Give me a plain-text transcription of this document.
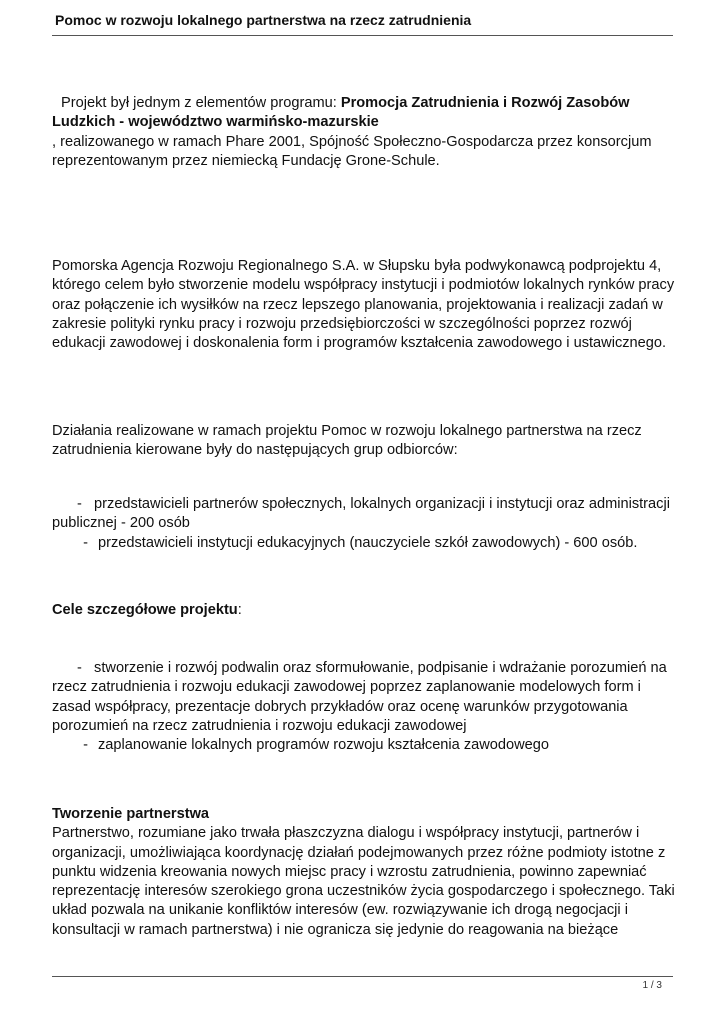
Pomoc w rozwoju lokalnego partnerstwa na rzecz zatrudnienia

Projekt był jednym z elementów programu: Promocja Zatrudnienia i Rozwój Zasobów Ludzkich - województwo warmińsko-mazurskie

, realizowanego w ramach Phare 2001, Spójność Społeczno-Gospodarcza przez konsorcjum reprezentowanym przez niemiecką Fundację Grone-Schule.

Pomorska Agencja Rozwoju Regionalnego S.A. w Słupsku była podwykonawcą podprojektu 4, którego celem było stworzenie modelu współpracy instytucji i podmiotów lokalnych rynków pracy oraz połączenie ich wysiłków na rzecz lepszego planowania, projektowania i realizacji zadań w zakresie polityki rynku pracy i rozwoju przedsiębiorczości w szczególności poprzez rozwój edukacji zawodowej i doskonalenia form i programów kształcenia zawodowego i ustawicznego.

Działania realizowane w ramach projektu Pomoc w rozwoju lokalnego partnerstwa na rzecz zatrudnienia kierowane były do następujących grup odbiorców:

- przedstawicieli partnerów społecznych, lokalnych organizacji i instytucji oraz administracji publicznej - 200 osób

- przedstawicieli instytucji edukacyjnych (nauczyciele szkół zawodowych) - 600 osób.

Cele szczegółowe projektu:

- stworzenie i rozwój podwalin oraz sformułowanie, podpisanie i wdrażanie porozumień na rzecz zatrudnienia i rozwoju edukacji zawodowej poprzez zaplanowanie modelowych form i zasad współpracy, prezentacje dobrych przykładów oraz ocenę warunków przygotowania porozumień na rzecz zatrudnienia i rozwoju edukacji zawodowej

- zaplanowanie lokalnych programów rozwoju kształcenia zawodowego

Tworzenie partnerstwa

Partnerstwo, rozumiane jako trwała płaszczyzna dialogu i współpracy instytucji, partnerów i organizacji, umożliwiająca koordynację działań podejmowanych przez różne podmioty istotne z punktu widzenia kreowania nowych miejsc pracy i wzrostu zatrudnienia, powinno zapewniać reprezentację interesów szerokiego grona uczestników życia gospodarczego i społecznego. Taki układ pozwala na unikanie konfliktów interesów (ew. rozwiązywanie ich drogą negocjacji i konsultacji w ramach partnerstwa) i nie ogranicza się jedynie do reagowania na bieżące

1 / 3
